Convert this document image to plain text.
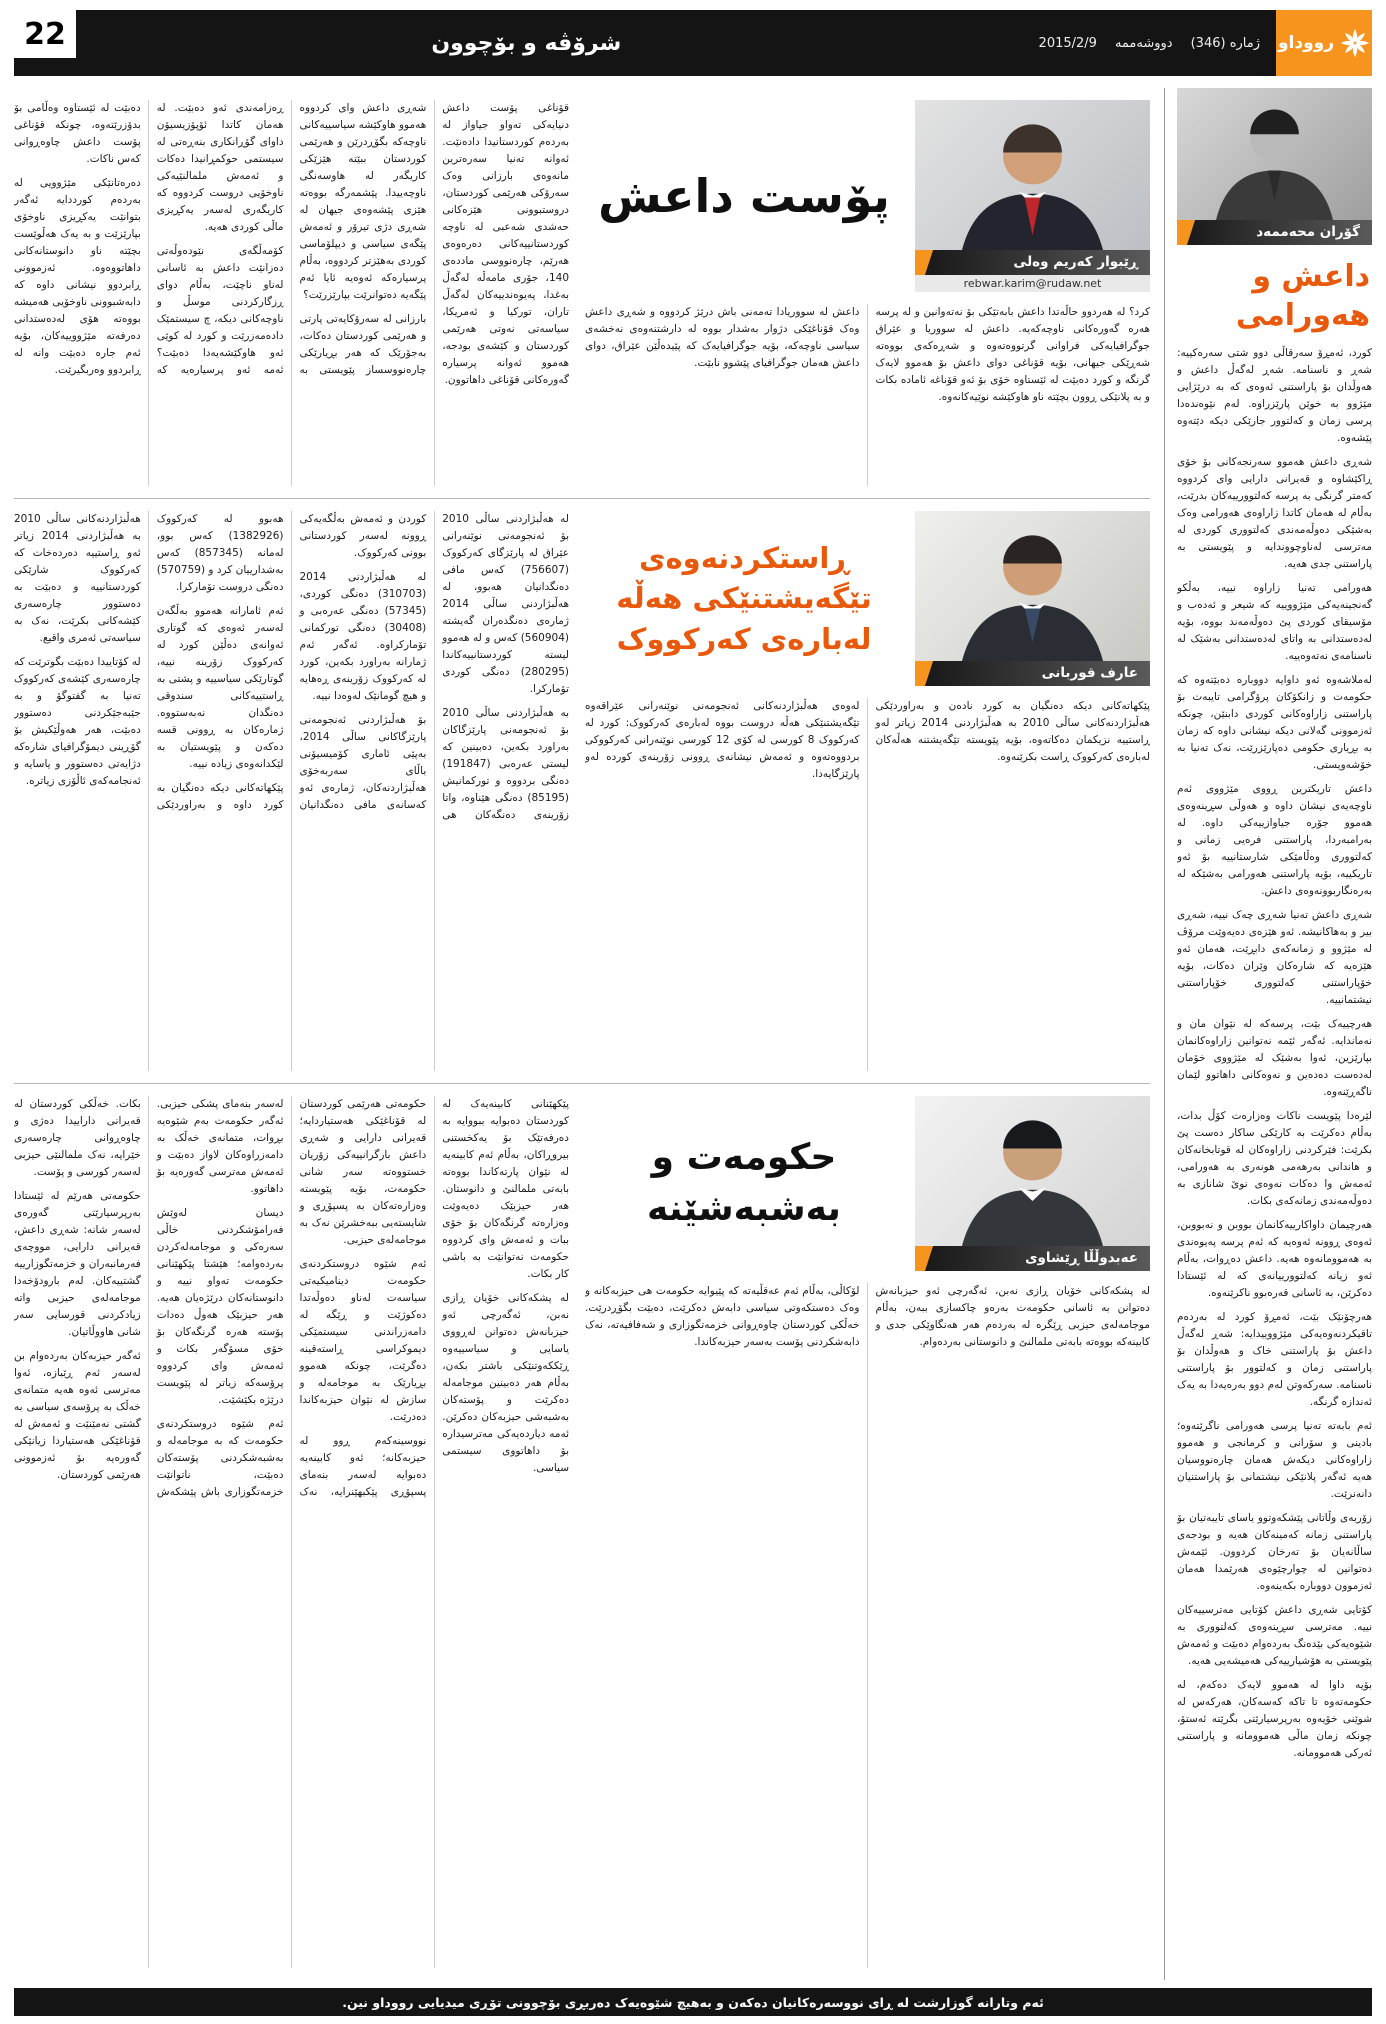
رووداو
ژمارە (346)
دووشەممە
2015/2/9
شرۆڤە و بۆچوون
22
گۆران محەممەد
داعش و هەورامی

کورد، ئەمڕۆ سەرقاڵی دوو شتی سەرەکییە: شەڕ و ناسنامە. شەڕ لەگەڵ داعش و هەوڵدان بۆ پاراستنی ئەوەی کە بە درێژایی مێژوو بە خوێن پارێزراوە. لەم نێوەندەدا پرسی زمان و کەلتوور جارێکی دیکە دێتەوە پێشەوە.

شەڕی داعش هەموو سەرنجەکانی بۆ خۆی ڕاکێشاوە و قەیرانی دارایی وای کردووە کەمتر گرنگی بە پرسە کەلتوورییەکان بدرێت، بەڵام لە هەمان کاتدا زاراوەی هەورامی وەک بەشێکی دەوڵەمەندی کەلتووری کوردی لە مەترسی لەناوچووندایە و پێویستی بە پاراستنی جدی هەیە.

هەورامی تەنیا زاراوە نییە، بەڵکو گەنجینەیەکی مێژووییە کە شیعر و ئەدەب و مۆسیقای کوردی پێ دەوڵەمەند بووە، بۆیە لەدەستدانی بە واتای لەدەستدانی بەشێک لە ناسنامەی نەتەوەییە.

لەملاشەوە ئەو داوایە دووبارە دەبێتەوە کە حکومەت و زانکۆکان پرۆگرامی تایبەت بۆ پاراستنی زاراوەکانی کوردی دابنێن، چونکە ئەزموونی گەلانی دیکە نیشانی داوە کە زمان بە بڕیاری حکومی دەپارێزرێت، نەک تەنیا بە خۆشەویستی.

داعش تاریکترین ڕووی مێژووی ئەم ناوچەیەی نیشان داوە و هەوڵی سڕینەوەی هەموو جۆرە جیاوازییەکی داوە. لە بەرامبەردا، پاراستنی فرەیی زمانی و کەلتووری وەڵامێکی شارستانییە بۆ ئەو تاریکییە، بۆیە پاراستنی هەورامی بەشێکە لە بەرەنگاربوونەوەی داعش.

شەڕی داعش تەنیا شەڕی چەک نییە، شەڕی بیر و بەهاکانیشە. ئەو هێزەی دەیەوێت مرۆڤ لە مێژوو و زمانەکەی دابڕێت، هەمان ئەو هێزەیە کە شارەکان وێران دەکات، بۆیە خۆپاراستنی کەلتووری خۆپاراستنی نیشتمانییە.

هەرچییەک بێت، پرسەکە لە نێوان مان و نەماندایە. ئەگەر ئێمە نەتوانین زاراوەکانمان بپارێزین، ئەوا بەشێک لە مێژووی خۆمان لەدەست دەدەین و نەوەکانی داهاتوو لێمان ناگەڕێنەوە.

لێرەدا پێویست ناکات وەزارەت کۆڵ بدات، بەڵام دەکرێت بە کارێکی ساکار دەست پێ بکرێت: فێرکردنی زاراوەکان لە قوتابخانەکان و هاندانی بەرهەمی هونەری بە هەورامی، ئەمەش وا دەکات نەوەی نوێ شانازی بە دەوڵەمەندی زمانەکەی بکات.

هەرچیمان داواکارییەکانمان بووبن و نەبووبن، ئەوەی ڕوونە ئەوەیە کە ئەم پرسە پەیوەندی بە هەموومانەوە هەیە. داعش دەڕوات، بەڵام ئەو زیانە کەلتوورییانەی کە لە ئێستادا دەکرێن، بە ئاسانی قەرەبوو ناکرێنەوە.

هەرچۆنێک بێت، ئەمڕۆ کورد لە بەردەم تاقیکردنەوەیەکی مێژووییدایە: شەڕ لەگەڵ داعش بۆ پاراستنی خاک و هەوڵدان بۆ پاراستنی زمان و کەلتوور بۆ پاراستنی ناسنامە. سەرکەوتن لەم دوو بەرەیەدا بە یەک ئەندازە گرنگە.

ئەم بابەتە تەنیا پرسی هەورامی ناگرێتەوە؛ بادینی و سۆرانی و کرمانجی و هەموو زاراوەکانی دیکەش هەمان چارەنووسیان هەیە ئەگەر پلانێکی نیشتمانی بۆ پاراستنیان دانەنرێت.

زۆربەی وڵاتانی پێشکەوتوو یاسای تایبەتیان بۆ پاراستنی زمانە کەمینەکان هەیە و بودجەی ساڵانەیان بۆ تەرخان کردوون. ئێمەش دەتوانین لە چوارچێوەی هەرێمدا هەمان ئەزموون دووبارە بکەینەوە.

کۆتایی شەڕی داعش کۆتایی مەترسییەکان نییە. مەترسی سڕینەوەی کەلتووری بە شێوەیەکی بێدەنگ بەردەوام دەبێت و ئەمەش پێویستی بە هۆشیارییەکی هەمیشەیی هەیە.

بۆیە داوا لە هەموو لایەک دەکەم، لە حکومەتەوە تا تاکە کەسەکان، هەرکەس لە شوێنی خۆیەوە بەرپرسیارێتی بگرێتە ئەستۆ، چونکە زمان ماڵی هەموومانە و پاراستنی ئەرکی هەموومانە.

ڕێبوار کەریم وەلی
rebwar.karim@rudaw.net
پۆست داعش

کرد؟ لە هەردوو حاڵەتدا داعش بابەتێکی بۆ نەتەوانین و لە پرسە هەرە گەورەکانی ناوچەکەیە. داعش لە سووریا و عێراق جوگرافیایەکی فراوانی گرتووەتەوە و شەڕەکەی بووەتە شەڕێکی جیهانی، بۆیە قۆناغی دوای داعش بۆ هەموو لایەک گرنگە و کورد دەبێت لە ئێستاوە خۆی بۆ ئەو قۆناغە ئامادە بکات و بە پلانێکی ڕوون بچێتە ناو هاوکێشە نوێیەکانەوە.

داعش لە سووریادا تەمەنی باش درێژ کردووە و شەڕی داعش وەک قۆناغێکی دژوار بەشدار بووە لە دارشتنەوەی نەخشەی سیاسی ناوچەکە، بۆیە جوگرافیایەک کە پێیدەڵێن عێراق، دوای داعش هەمان جوگرافیای پێشوو نابێت.

قۆناغی پۆست داعش دنیایەکی تەواو جیاواز لە بەردەم کوردستانیدا دادەنێت. ئەوانە تەنیا سەرەترین مانەوەی بارزانی وەک سەرۆکی هەرێمی کوردستان، دروستبوونی هێزەکانی حەشدی شەعبی لە ناوچە کوردستانییەکانی دەرەوەی هەرێم، چارەنووسی ماددەی 140، جۆری مامەڵە لەگەڵ بەغدا، پەیوەندییەکان لەگەڵ تاران، تورکیا و ئەمریکا، سیاسەتی نەوتی هەرێمی کوردستان و کێشەی بودجە، هەموو ئەوانە پرسیارە گەورەکانی قۆناغی داهاتوون.

شەڕی داعش وای کردووە هەموو هاوکێشە سیاسییەکانی ناوچەکە بگۆڕدرێن و هەرێمی کوردستان ببێتە هێزێکی کاریگەر لە هاوسەنگی ناوچەییدا. پێشمەرگە بووەتە هێزی پێشەوەی جیهان لە شەڕی دژی تیرۆر و ئەمەش پێگەی سیاسی و دیپلۆماسی کوردی بەهێزتر کردووە، بەڵام پرسیارەکە ئەوەیە ئایا ئەم پێگەیە دەتوانرێت بپارێزرێت؟

بارزانی لە سەرۆکایەتی پارتی و هەرێمی کوردستان دەکات، بەجۆرێک کە هەر بڕیارێکی چارەنووسساز پێویستی بە ڕەزامەندی ئەو دەبێت. لە هەمان کاتدا ئۆپۆزیسیۆن داوای گۆڕانکاری بنەڕەتی لە سیستمی حوکمڕانیدا دەکات و ئەمەش ملمالنێیەکی ناوخۆیی دروست کردووە کە کاریگەری لەسەر یەکڕیزی ماڵی کوردی هەیە.

کۆمەڵگەی نێودەوڵەتی دەزانێت داعش بە ئاسانی لەناو ناچێت، بەڵام دوای ڕزگارکردنی موسڵ و ناوچەکانی دیکە، چ سیستمێک دادەمەزرێت و کورد لە کوێی ئەو هاوکێشەیەدا دەبێت؟ ئەمە ئەو پرسیارەیە کە دەبێت لە ئێستاوە وەڵامی بۆ بدۆزرێتەوە، چونکە قۆناغی پۆست داعش چاوەڕوانی کەس ناکات.

دەرەتانێکی مێژوویی لە بەردەم کورددایە ئەگەر بتوانێت یەکڕیزی ناوخۆی بپارێزێت و بە یەک هەڵوێست بچێتە ناو دانوستانەکانی داهاتووەوە. ئەزموونی ڕابردوو نیشانی داوە کە دابەشبوونی ناوخۆیی هەمیشە بووەتە هۆی لەدەستدانی دەرفەتە مێژووییەکان، بۆیە ئەم جارە دەبێت وانە لە ڕابردوو وەربگیرێت.

عارف قوربانی
ڕاستکردنەوەی تێگەیشتنێکی هەڵە لەبارەی کەرکووک

پێکهاتەکانی دیکە دەنگیان بە کورد نادەن و بەراوردێکی هەڵبژاردنەکانی ساڵی 2010 بە هەڵبژاردنی 2014 زیاتر لەو ڕاستییە نزیکمان دەکاتەوە، بۆیە پێویستە تێگەیشتنە هەڵەکان لەبارەی کەرکووک ڕاست بکرێنەوە.

لەوەی هەڵبژاردنەکانی ئەنجومەنی نوێنەرانی عێراقەوە تێگەیشتنێکی هەڵە دروست بووە لەبارەی کەرکووک: کورد لە کەرکووک 8 کورسی لە کۆی 12 کورسی نوێنەرانی کەرکووکی بردووەتەوە و ئەمەش نیشانەی ڕوونی زۆرینەی کوردە لەو پارێزگایەدا.

لە هەڵبژاردنی ساڵی 2010 بۆ ئەنجومەنی نوێنەرانی عێراق لە پارێزگای کەرکووک (756607) کەس مافی دەنگدانیان هەبوو، لە هەڵبژاردنی ساڵی 2014 ژمارەی دەنگدەران گەیشتە (560904) کەس و لە هەموو لیستە کوردستانییەکاندا (280295) دەنگی کوردی تۆمارکرا.

بە هەڵبژاردنی ساڵی 2010 بۆ ئەنجومەنی پارێزگاکان بەراورد بکەین، دەبینین کە لیستی عەرەبی (191847) دەنگی بردووە و تورکمانیش (85195) دەنگی هێناوە، واتا زۆرینەی دەنگەکان هی کوردن و ئەمەش بەڵگەیەکی ڕوونە لەسەر کوردستانی بوونی کەرکووک.

لە هەڵبژاردنی 2014 (310703) دەنگی کوردی، (57345) دەنگی عەرەبی و (30408) دەنگی تورکمانی تۆمارکراوە. ئەگەر ئەم ژمارانە بەراورد بکەین، کورد لە کەرکووک زۆرینەی ڕەهایە و هیچ گومانێک لەوەدا نییە.

بۆ هەڵبژاردنی ئەنجومەنی پارێزگاکانی ساڵی 2014، بەپێی ئاماری کۆمیسیۆنی باڵای سەربەخۆی هەڵبژاردنەکان، ژمارەی ئەو کەسانەی مافی دەنگدانیان هەبوو لە کەرکووک (1382926) کەس بوو، لەمانە (857345) کەس بەشدارییان کرد و (570759) دەنگی دروست تۆمارکرا.

ئەم ئامارانە هەموو بەڵگەن لەسەر ئەوەی کە گوتاری ئەوانەی دەڵێن کورد لە کەرکووک زۆرینە نییە، گوتارێکی سیاسییە و پشتی بە ڕاستییەکانی سندوقی دەنگدان نەبەستووە. ژمارەکان بە ڕوونی قسە دەکەن و پێویستیان بە لێکدانەوەی زیادە نییە.

پێکهاتەکانی دیکە دەنگیان بە کورد داوە و بەراوردێکی هەڵبژاردنەکانی ساڵی 2010 بە هەڵبژاردنی 2014 زیاتر ئەو ڕاستییە دەردەخات کە کەرکووک شارێکی کوردستانییە و دەبێت بە دەستوور چارەسەری کێشەکانی بکرێت، نەک بە سیاسەتی ئەمری واقیع.

لە کۆتاییدا دەبێت بگوترێت کە چارەسەری کێشەی کەرکووک تەنیا بە گفتوگۆ و بە جێبەجێکردنی دەستوور دەبێت، هەر هەوڵێکیش بۆ گۆڕینی دیمۆگرافیای شارەکە دژایەتی دەستوور و یاسایە و ئەنجامەکەی ئاڵۆزی زیاترە.

عەبدوڵڵا ڕێشاوی
حکومەت و بەشبەشێنە

لە پشکەکانی خۆیان ڕازی نەبن، ئەگەرچی ئەو حیزبانەش دەتوانن بە ئاسانی حکومەت بەرەو چاکسازی ببەن، بەڵام موجامەلەی حیزبی ڕێگرە لە بەردەم هەر هەنگاوێکی جدی و کابینەکە بووەتە بابەتی ملمالنێ و دانوستانی بەردەوام.

لۆکاڵی، بەڵام ئەم عەقڵیەتە کە پێیوایە حکومەت هی حیزبەکانە و وەک دەستکەوتی سیاسی دابەش دەکرێت، دەبێت بگۆڕدرێت. خەڵکی کوردستان چاوەڕوانی خزمەتگوزاری و شەفافیەتە، نەک دابەشکردنی پۆست بەسەر حیزبەکاندا.

پێکهێنانی کابینەیەک لە کوردستان دەبوایە ببووایە بە دەرفەتێک بۆ یەکخستنی بیروڕاکان، بەڵام ئەم کابینەیە لە نێوان پارتەکاندا بووەتە بابەتی ملمالنێ و دانوستان. هەر حیزبێک دەیەوێت وەزارەتە گرنگەکان بۆ خۆی ببات و ئەمەش وای کردووە حکومەت نەتوانێت بە باشی کار بکات.

لە پشکەکانی خۆیان ڕازی نەبن، ئەگەرچی ئەو حیزبانەش دەتوانن لەڕووی یاسایی و سیاسییەوە ڕێککەوتنێکی باشتر بکەن، بەڵام هەر دەبینین موجامەلە دەکرێت و پۆستەکان بەشبەشی حیزبەکان دەکرێن. ئەمە دیاردەیەکی مەترسیدارە بۆ داهاتووی سیستمی سیاسی.

حکومەتی هەرێمی کوردستان لە قۆناغێکی هەستیاردایە؛ قەیرانی دارایی و شەڕی داعش بارگرانییەکی زۆریان خستووەتە سەر شانی حکومەت، بۆیە پێویستە وەزارەتەکان بە پسپۆڕی و شایستەیی ببەخشرێن نەک بە موجامەلەی حیزبی.

ئەم شێوە دروستکردنەی حکومەت دینامیکیەتی سیاسەت لەناو دەوڵەتدا دەکوژێت و ڕێگە لە دامەزراندنی سیستمێکی دیموکراسی ڕاستەقینە دەگرێت، چونکە هەموو بڕیارێک بە موجامەلە و سازش لە نێوان حیزبەکاندا دەدرێت.

نووسینەکەم ڕوو لە حیزبەکانە؛ ئەو کابینەیە دەبوایە لەسەر بنەمای پسپۆڕی پێکبهێنرایە، نەک لەسەر بنەمای پشکی حیزبی. ئەگەر حکومەت بەم شێوەیە بڕوات، متمانەی خەڵک بە دامەزراوەکان لاواز دەبێت و ئەمەش مەترسی گەورەیە بۆ داهاتوو.

دیسان لەوێش فەرامۆشکردنی خاڵی سەرەکی و موجامەلەکردن بەردەوامە؛ هێشتا پێکهێنانی حکومەت تەواو نییە و دانوستانەکان درێژەیان هەیە. هەر حیزبێک هەوڵ دەدات پۆستە هەرە گرنگەکان بۆ خۆی مسۆگەر بکات و ئەمەش وای کردووە پرۆسەکە زیاتر لە پێویست درێژە بکێشێت.

ئەم شێوە دروستکردنەی حکومەت کە بە موجامەلە و بەشبەشکردنی پۆستەکان دەبێت، ناتوانێت خزمەتگوزاری باش پێشکەش بکات. خەڵکی کوردستان لە قەیرانی داراییدا دەژی و چاوەڕوانی چارەسەری خێرایە، نەک ملمالنێی حیزبی لەسەر کورسی و پۆست.

حکومەتی هەرێم لە ئێستادا بەرپرسیارێتی گەورەی لەسەر شانە: شەڕی داعش، قەیرانی دارایی، مووچەی فەرمانبەران و خزمەتگوزارییە گشتییەکان. لەم بارودۆخەدا موجامەلەی حیزبی واتە زیادکردنی قورسایی سەر شانی هاووڵاتیان.

ئەگەر حیزبەکان بەردەوام بن لەسەر ئەم ڕێبازە، ئەوا مەترسی ئەوە هەیە متمانەی خەڵک بە پرۆسەی سیاسی بە گشتی نەمێنێت و ئەمەش لە قۆناغێکی هەستیاردا زیانێکی گەورەیە بۆ ئەزموونی هەرێمی کوردستان.

ئەم وتارانە گوزارشت لە ڕای نووسەرەکانیان دەکەن و بەهیچ شێوەیەک دەربڕی بۆچوونی تۆڕی میدیایی رووداو نین.
